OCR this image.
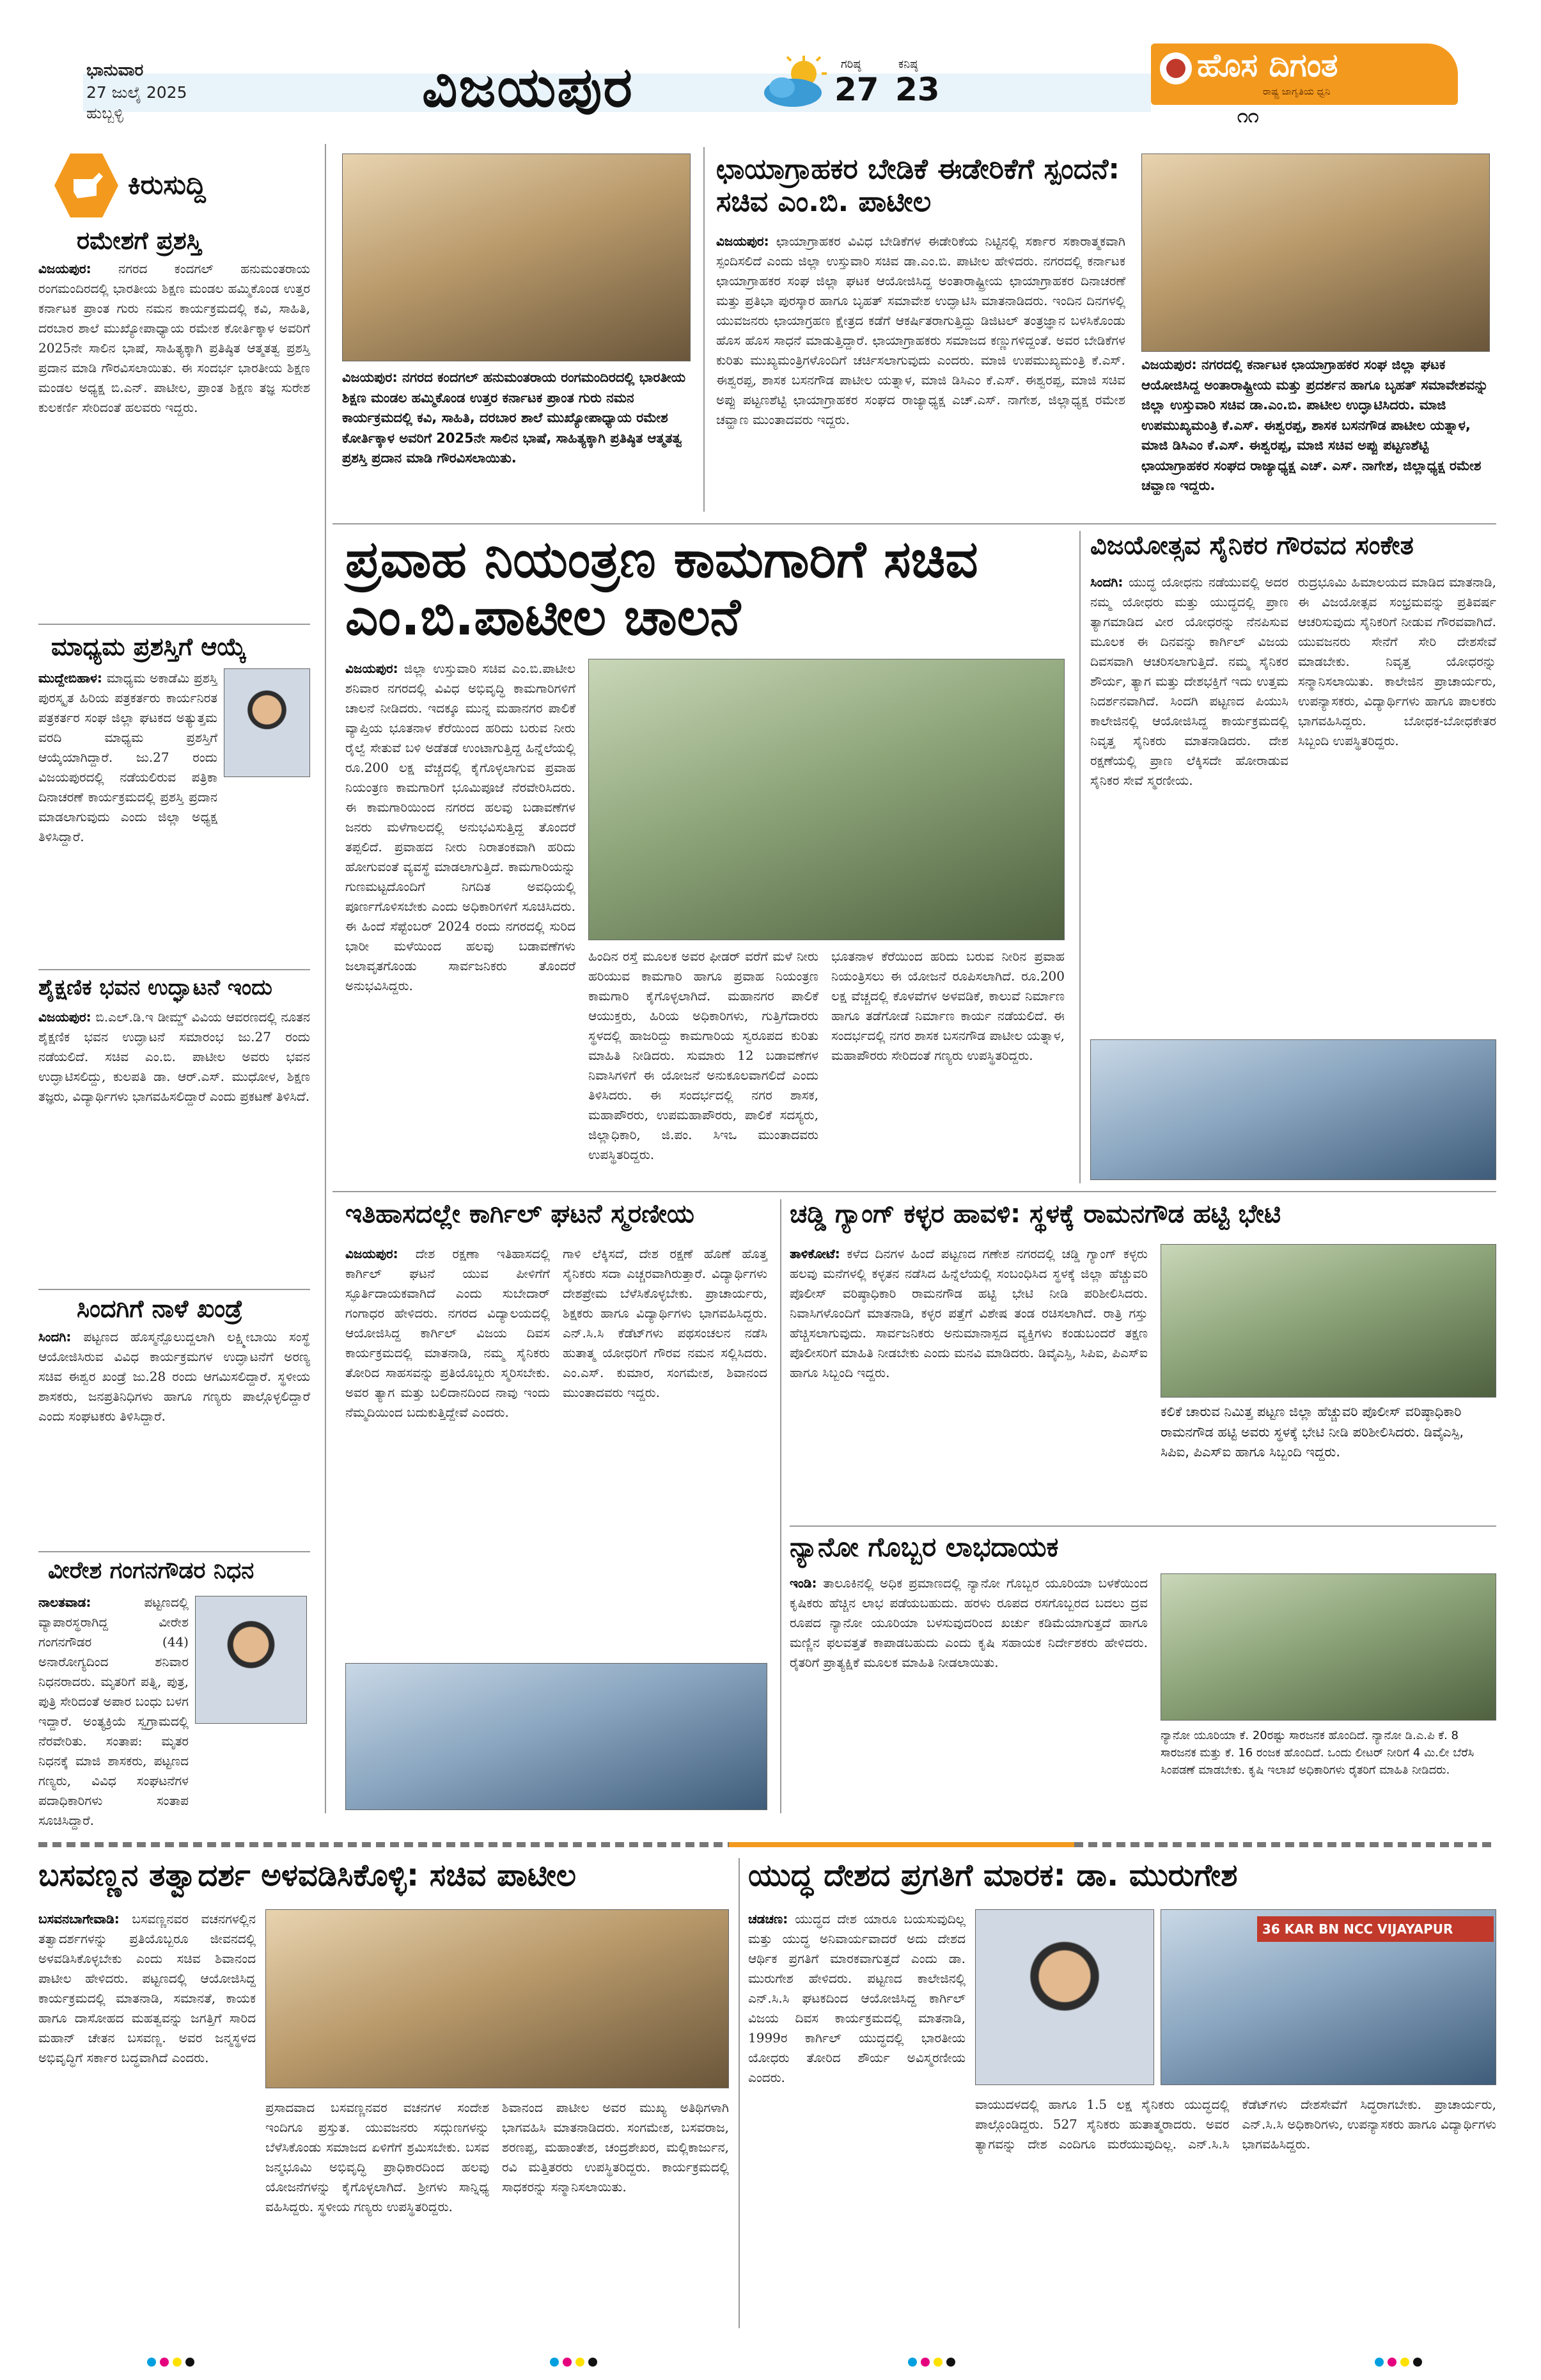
ಭಾನುವಾರ
27 ಜುಲೈ 2025
ಹುಬ್ಬಳ್ಳಿ	ವಿಜಯಪುರ	ಗರಿಷ್ಠ
27
ಕನಿಷ್ಠ
23
ಹೊಸ ದಿಗಂತ
ರಾಷ್ಟ್ರ ಜಾಗೃತಿಯ ಧ್ವನಿ
೧೧
ಕಿರುಸುದ್ದಿ
ರಮೇಶಗೆ ಪ್ರಶಸ್ತಿ
ವಿಜಯಪುರ: ನಗರದ ಕಂದಗಲ್ ಹನುಮಂತರಾಯ ರಂಗಮಂದಿರದಲ್ಲಿ ಭಾರತೀಯ ಶಿಕ್ಷಣ ಮಂಡಲ ಹಮ್ಮಿಕೊಂಡ ಉತ್ತರ ಕರ್ನಾಟಕ ಪ್ರಾಂತ ಗುರು ನಮನ ಕಾರ್ಯಕ್ರಮದಲ್ಲಿ ಕವಿ, ಸಾಹಿತಿ, ದರಬಾರ ಶಾಲೆ ಮುಖ್ಯೋಪಾಧ್ಯಾಯ ರಮೇಶ ಕೋರ್ತಿಕ್ಕಾಳ ಅವರಿಗೆ 2025ನೇ ಸಾಲಿನ ಭಾಷೆ, ಸಾಹಿತ್ಯಕ್ಕಾಗಿ ಪ್ರತಿಷ್ಠಿತ ಆತ್ಮತತ್ವ ಪ್ರಶಸ್ತಿ ಪ್ರದಾನ ಮಾಡಿ ಗೌರವಿಸಲಾಯಿತು. ಈ ಸಂದರ್ಭ ಭಾರತೀಯ ಶಿಕ್ಷಣ ಮಂಡಲ ಅಧ್ಯಕ್ಷ ಬಿ.ಎನ್. ಪಾಟೀಲ, ಪ್ರಾಂತ ಶಿಕ್ಷಣ ತಜ್ಞ ಸುರೇಶ ಕುಲಕರ್ಣಿ ಸೇರಿದಂತೆ ಹಲವರು ಇದ್ದರು.
ಮಾಧ್ಯಮ ಪ್ರಶಸ್ತಿಗೆ ಆಯ್ಕೆ
ಮುದ್ದೇಬಿಹಾಳ: ಮಾಧ್ಯಮ ಅಕಾಡೆಮಿ ಪ್ರಶಸ್ತಿ ಪುರಸ್ಕೃತ ಹಿರಿಯ ಪತ್ರಕರ್ತರು ಕಾರ್ಯನಿರತ ಪತ್ರಕರ್ತರ ಸಂಘ ಜಿಲ್ಲಾ ಘಟಕದ ಅತ್ಯುತ್ತಮ ವರದಿ ಮಾಧ್ಯಮ ಪ್ರಶಸ್ತಿಗೆ ಆಯ್ಕೆಯಾಗಿದ್ದಾರೆ. ಜು.27 ರಂದು ವಿಜಯಪುರದಲ್ಲಿ ನಡೆಯಲಿರುವ ಪತ್ರಿಕಾ ದಿನಾಚರಣೆ ಕಾರ್ಯಕ್ರಮದಲ್ಲಿ ಪ್ರಶಸ್ತಿ ಪ್ರದಾನ ಮಾಡಲಾಗುವುದು ಎಂದು ಜಿಲ್ಲಾ ಅಧ್ಯಕ್ಷ ತಿಳಿಸಿದ್ದಾರೆ.
ಶೈಕ್ಷಣಿಕ ಭವನ ಉದ್ಘಾಟನೆ ಇಂದು
ವಿಜಯಪುರ: ಬಿ.ಎಲ್.ಡಿ.ಇ ಡೀಮ್ಡ್ ವಿವಿಯ ಆವರಣದಲ್ಲಿ ನೂತನ ಶೈಕ್ಷಣಿಕ ಭವನ ಉದ್ಘಾಟನೆ ಸಮಾರಂಭ ಜು.27 ರಂದು ನಡೆಯಲಿದೆ. ಸಚಿವ ಎಂ.ಬಿ. ಪಾಟೀಲ ಅವರು ಭವನ ಉದ್ಘಾಟಿಸಲಿದ್ದು, ಕುಲಪತಿ ಡಾ. ಆರ್.ಎಸ್. ಮುಧೋಳ, ಶಿಕ್ಷಣ ತಜ್ಞರು, ವಿದ್ಯಾರ್ಥಿಗಳು ಭಾಗವಹಿಸಲಿದ್ದಾರೆ ಎಂದು ಪ್ರಕಟಣೆ ತಿಳಿಸಿದೆ.
ಸಿಂದಗಿಗೆ ನಾಳೆ ಖಂಡ್ರೆ
ಸಿಂದಗಿ: ಪಟ್ಟಣದ ಹೊಸ್ಮನ್ಪೊಲುದ್ದಲಾಗಿ ಲಕ್ಷ್ಮೀಬಾಯಿ ಸಂಸ್ಥೆ ಆಯೋಜಿಸಿರುವ ವಿವಿಧ ಕಾರ್ಯಕ್ರಮಗಳ ಉದ್ಘಾಟನೆಗೆ ಅರಣ್ಯ ಸಚಿವ ಈಶ್ವರ ಖಂಡ್ರೆ ಜು.28 ರಂದು ಆಗಮಿಸಲಿದ್ದಾರೆ. ಸ್ಥಳೀಯ ಶಾಸಕರು, ಜನಪ್ರತಿನಿಧಿಗಳು ಹಾಗೂ ಗಣ್ಯರು ಪಾಲ್ಗೊಳ್ಳಲಿದ್ದಾರೆ ಎಂದು ಸಂಘಟಕರು ತಿಳಿಸಿದ್ದಾರೆ.
ವೀರೇಶ ಗಂಗನಗೌಡರ ನಿಧನ
ನಾಲತವಾಡ:	ಪಟ್ಟಣದಲ್ಲಿ ವ್ಯಾಪಾರಸ್ಥರಾಗಿದ್ದ ವೀರೇಶ ಗಂಗನಗೌಡರ (44) ಅನಾರೋಗ್ಯದಿಂದ ಶನಿವಾರ ನಿಧನರಾದರು. ಮೃತರಿಗೆ ಪತ್ನಿ, ಪುತ್ರ, ಪುತ್ರಿ ಸೇರಿದಂತೆ ಅಪಾರ ಬಂಧು ಬಳಗ ಇದ್ದಾರೆ. ಅಂತ್ಯಕ್ರಿಯೆ ಸ್ವಗ್ರಾಮದಲ್ಲಿ ನೆರವೇರಿತು. ಸಂತಾಪ: ಮೃತರ ನಿಧನಕ್ಕೆ ಮಾಜಿ ಶಾಸಕರು, ಪಟ್ಟಣದ ಗಣ್ಯರು, ವಿವಿಧ ಸಂಘಟನೆಗಳ ಪದಾಧಿಕಾರಿಗಳು ಸಂತಾಪ ಸೂಚಿಸಿದ್ದಾರೆ.
ವಿಜಯಪುರ: ನಗರದ ಕಂದಗಲ್ ಹನುಮಂತರಾಯ ರಂಗಮಂದಿರದಲ್ಲಿ ಭಾರತೀಯ ಶಿಕ್ಷಣ ಮಂಡಲ ಹಮ್ಮಿಕೊಂಡ ಉತ್ತರ ಕರ್ನಾಟಕ ಪ್ರಾಂತ ಗುರು ನಮನ ಕಾರ್ಯಕ್ರಮದಲ್ಲಿ ಕವಿ, ಸಾಹಿತಿ, ದರಬಾರ ಶಾಲೆ ಮುಖ್ಯೋಪಾಧ್ಯಾಯ ರಮೇಶ ಕೋರ್ತಿಕ್ಕಾಳ ಅವರಿಗೆ 2025ನೇ ಸಾಲಿನ ಭಾಷೆ, ಸಾಹಿತ್ಯಕ್ಕಾಗಿ ಪ್ರತಿಷ್ಠಿತ ಆತ್ಮತತ್ವ ಪ್ರಶಸ್ತಿ ಪ್ರದಾನ ಮಾಡಿ ಗೌರವಿಸಲಾಯಿತು.
ಛಾಯಾಗ್ರಾಹಕರ ಬೇಡಿಕೆ ಈಡೇರಿಕೆಗೆ ಸ್ಪಂದನೆ: ಸಚಿವ ಎಂ.ಬಿ. ಪಾಟೀಲ
ವಿಜಯಪುರ: ಛಾಯಾಗ್ರಾಹಕರ ವಿವಿಧ ಬೇಡಿಕೆಗಳ ಈಡೇರಿಕೆಯ ನಿಟ್ಟಿನಲ್ಲಿ ಸರ್ಕಾರ ಸಕಾರಾತ್ಮಕವಾಗಿ ಸ್ಪಂದಿಸಲಿದೆ ಎಂದು ಜಿಲ್ಲಾ ಉಸ್ತುವಾರಿ ಸಚಿವ ಡಾ.ಎಂ.ಬಿ. ಪಾಟೀಲ ಹೇಳಿದರು. ನಗರದಲ್ಲಿ ಕರ್ನಾಟಕ ಛಾಯಾಗ್ರಾಹಕರ ಸಂಘ ಜಿಲ್ಲಾ ಘಟಕ ಆಯೋಜಿಸಿದ್ದ ಅಂತಾರಾಷ್ಟ್ರೀಯ ಛಾಯಾಗ್ರಾಹಕರ ದಿನಾಚರಣೆ ಮತ್ತು ಪ್ರತಿಭಾ ಪುರಸ್ಕಾರ ಹಾಗೂ ಬೃಹತ್ ಸಮಾವೇಶ ಉದ್ಘಾಟಿಸಿ ಮಾತನಾಡಿದರು. ಇಂದಿನ ದಿನಗಳಲ್ಲಿ ಯುವಜನರು ಛಾಯಾಗ್ರಹಣ ಕ್ಷೇತ್ರದ ಕಡೆಗೆ ಆಕರ್ಷಿತರಾಗುತ್ತಿದ್ದು ಡಿಜಿಟಲ್ ತಂತ್ರಜ್ಞಾನ ಬಳಸಿಕೊಂಡು ಹೊಸ ಹೊಸ ಸಾಧನೆ ಮಾಡುತ್ತಿದ್ದಾರೆ. ಛಾಯಾಗ್ರಾಹಕರು ಸಮಾಜದ ಕಣ್ಣುಗಳಿದ್ದಂತೆ. ಅವರ ಬೇಡಿಕೆಗಳ ಕುರಿತು ಮುಖ್ಯಮಂತ್ರಿಗಳೊಂದಿಗೆ ಚರ್ಚಿಸಲಾಗುವುದು ಎಂದರು. ಮಾಜಿ ಉಪಮುಖ್ಯಮಂತ್ರಿ ಕೆ.ಎಸ್. ಈಶ್ವರಪ್ಪ, ಶಾಸಕ ಬಸನಗೌಡ ಪಾಟೀಲ ಯತ್ನಾಳ, ಮಾಜಿ ಡಿಸಿಎಂ ಕೆ.ಎಸ್. ಈಶ್ವರಪ್ಪ, ಮಾಜಿ ಸಚಿವ ಅಪ್ಪು ಪಟ್ಟಣಶೆಟ್ಟಿ ಛಾಯಾಗ್ರಾಹಕರ ಸಂಘದ ರಾಜ್ಯಾಧ್ಯಕ್ಷ ಎಚ್.ಎಸ್. ನಾಗೇಶ, ಜಿಲ್ಲಾಧ್ಯಕ್ಷ ರಮೇಶ ಚವ್ಹಾಣ ಮುಂತಾದವರು ಇದ್ದರು.
ವಿಜಯಪುರ: ನಗರದಲ್ಲಿ ಕರ್ನಾಟಕ ಛಾಯಾಗ್ರಾಹಕರ ಸಂಘ ಜಿಲ್ಲಾ ಘಟಕ ಆಯೋಜಿಸಿದ್ದ ಅಂತಾರಾಷ್ಟ್ರೀಯ ಮತ್ತು ಪ್ರದರ್ಶನ ಹಾಗೂ ಬೃಹತ್ ಸಮಾವೇಶವನ್ನು ಜಿಲ್ಲಾ ಉಸ್ತುವಾರಿ ಸಚಿವ ಡಾ.ಎಂ.ಬಿ. ಪಾಟೀಲ ಉದ್ಘಾಟಿಸಿದರು. ಮಾಜಿ ಉಪಮುಖ್ಯಮಂತ್ರಿ ಕೆ.ಎಸ್. ಈಶ್ವರಪ್ಪ, ಶಾಸಕ ಬಸನಗೌಡ ಪಾಟೀಲ ಯತ್ನಾಳ, ಮಾಜಿ ಡಿಸಿಎಂ ಕೆ.ಎಸ್. ಈಶ್ವರಪ್ಪ, ಮಾಜಿ ಸಚಿವ ಅಪ್ಪು ಪಟ್ಟಣಶೆಟ್ಟಿ ಛಾಯಾಗ್ರಾಹಕರ ಸಂಘದ ರಾಜ್ಯಾಧ್ಯಕ್ಷ ಎಚ್. ಎಸ್. ನಾಗೇಶ, ಜಿಲ್ಲಾಧ್ಯಕ್ಷ ರಮೇಶ ಚವ್ಹಾಣ ಇದ್ದರು.
ಪ್ರವಾಹ ನಿಯಂತ್ರಣ ಕಾಮಗಾರಿಗೆ ಸಚಿವ ಎಂ.ಬಿ.ಪಾಟೀಲ ಚಾಲನೆ
ವಿಜಯಪುರ: ಜಿಲ್ಲಾ ಉಸ್ತುವಾರಿ ಸಚಿವ ಎಂ.ಬಿ.ಪಾಟೀಲ ಶನಿವಾರ ನಗರದಲ್ಲಿ ವಿವಿಧ ಅಭಿವೃದ್ಧಿ ಕಾಮಗಾರಿಗಳಿಗೆ ಚಾಲನೆ ನೀಡಿದರು. ಇದಕ್ಕೂ ಮುನ್ನ ಮಹಾನಗರ ಪಾಲಿಕೆ ವ್ಯಾಪ್ತಿಯ ಭೂತನಾಳ ಕೆರೆಯಿಂದ ಹರಿದು ಬರುವ ನೀರು ರೈಲ್ವೆ ಸೇತುವೆ ಬಳಿ ಅಡೆತಡೆ ಉಂಟಾಗುತ್ತಿದ್ದ ಹಿನ್ನೆಲೆಯಲ್ಲಿ ರೂ.200 ಲಕ್ಷ ವೆಚ್ಚದಲ್ಲಿ ಕೈಗೊಳ್ಳಲಾಗುವ ಪ್ರವಾಹ ನಿಯಂತ್ರಣ ಕಾಮಗಾರಿಗೆ ಭೂಮಿಪೂಜೆ ನೆರವೇರಿಸಿದರು. ಈ ಕಾಮಗಾರಿಯಿಂದ ನಗರದ ಹಲವು ಬಡಾವಣೆಗಳ ಜನರು ಮಳೆಗಾಲದಲ್ಲಿ ಅನುಭವಿಸುತ್ತಿದ್ದ ತೊಂದರೆ ತಪ್ಪಲಿದೆ. ಪ್ರವಾಹದ ನೀರು ನಿರಾತಂಕವಾಗಿ ಹರಿದು ಹೋಗುವಂತೆ ವ್ಯವಸ್ಥೆ ಮಾಡಲಾಗುತ್ತಿದೆ. ಕಾಮಗಾರಿಯನ್ನು ಗುಣಮಟ್ಟದೊಂದಿಗೆ ನಿಗದಿತ ಅವಧಿಯಲ್ಲಿ ಪೂರ್ಣಗೊಳಿಸಬೇಕು ಎಂದು ಅಧಿಕಾರಿಗಳಿಗೆ ಸೂಚಿಸಿದರು. ಈ ಹಿಂದೆ ಸೆಪ್ಟೆಂಬರ್ 2024 ರಂದು ನಗರದಲ್ಲಿ ಸುರಿದ ಭಾರೀ ಮಳೆಯಿಂದ ಹಲವು ಬಡಾವಣೆಗಳು ಜಲಾವೃತಗೊಂಡು ಸಾರ್ವಜನಿಕರು ತೊಂದರೆ ಅನುಭವಿಸಿದ್ದರು.
ಹಿಂದಿನ ರಸ್ತೆ ಮೂಲಕ ಅವರ ಫೀಡರ್ ವರೆಗೆ ಮಳೆ ನೀರು ಹರಿಯುವ ಕಾಮಗಾರಿ ಹಾಗೂ ಪ್ರವಾಹ ನಿಯಂತ್ರಣ ಕಾಮಗಾರಿ ಕೈಗೊಳ್ಳಲಾಗಿದೆ. ಮಹಾನಗರ ಪಾಲಿಕೆ ಆಯುಕ್ತರು, ಹಿರಿಯ ಅಧಿಕಾರಿಗಳು, ಗುತ್ತಿಗೆದಾರರು ಸ್ಥಳದಲ್ಲಿ ಹಾಜರಿದ್ದು ಕಾಮಗಾರಿಯ ಸ್ವರೂಪದ ಕುರಿತು ಮಾಹಿತಿ ನೀಡಿದರು. ಸುಮಾರು 12 ಬಡಾವಣೆಗಳ ನಿವಾಸಿಗಳಿಗೆ ಈ ಯೋಜನೆ ಅನುಕೂಲವಾಗಲಿದೆ ಎಂದು ತಿಳಿಸಿದರು. ಈ ಸಂದರ್ಭದಲ್ಲಿ ನಗರ ಶಾಸಕ, ಮಹಾಪೌರರು, ಉಪಮಹಾಪೌರರು, ಪಾಲಿಕೆ ಸದಸ್ಯರು, ಜಿಲ್ಲಾಧಿಕಾರಿ, ಜಿ.ಪಂ. ಸಿಇಒ ಮುಂತಾದವರು ಉಪಸ್ಥಿತರಿದ್ದರು.
ಭೂತನಾಳ ಕೆರೆಯಿಂದ ಹರಿದು ಬರುವ ನೀರಿನ ಪ್ರವಾಹ ನಿಯಂತ್ರಿಸಲು ಈ ಯೋಜನೆ ರೂಪಿಸಲಾಗಿದೆ. ರೂ.200 ಲಕ್ಷ ವೆಚ್ಚದಲ್ಲಿ ಕೊಳವೆಗಳ ಅಳವಡಿಕೆ, ಕಾಲುವೆ ನಿರ್ಮಾಣ ಹಾಗೂ ತಡೆಗೋಡೆ ನಿರ್ಮಾಣ ಕಾರ್ಯ ನಡೆಯಲಿದೆ. ಈ ಸಂದರ್ಭದಲ್ಲಿ ನಗರ ಶಾಸಕ ಬಸನಗೌಡ ಪಾಟೀಲ ಯತ್ನಾಳ, ಮಹಾಪೌರರು ಸೇರಿದಂತೆ ಗಣ್ಯರು ಉಪಸ್ಥಿತರಿದ್ದರು.
ವಿಜಯೋತ್ಸವ ಸೈನಿಕರ ಗೌರವದ ಸಂಕೇತ
ಸಿಂದಗಿ: ಯುದ್ಧ ಯೋಧನು ನಡೆಯುವಲ್ಲಿ ಅದರ ನಮ್ಮ ಯೋಧರು ಮತ್ತು ಯುದ್ಧದಲ್ಲಿ ಪ್ರಾಣ ತ್ಯಾಗಮಾಡಿದ ವೀರ ಯೋಧರನ್ನು ನೆನಪಿಸುವ ಮೂಲಕ ಈ ದಿನವನ್ನು ಕಾರ್ಗಿಲ್ ವಿಜಯ ದಿವಸವಾಗಿ ಆಚರಿಸಲಾಗುತ್ತಿದೆ. ನಮ್ಮ ಸೈನಿಕರ ಶೌರ್ಯ, ತ್ಯಾಗ ಮತ್ತು ದೇಶಭಕ್ತಿಗೆ ಇದು ಉತ್ತಮ ನಿದರ್ಶನವಾಗಿದೆ. ಸಿಂದಗಿ ಪಟ್ಟಣದ ಪಿಯುಸಿ ಕಾಲೇಜಿನಲ್ಲಿ ಆಯೋಜಿಸಿದ್ದ ಕಾರ್ಯಕ್ರಮದಲ್ಲಿ ನಿವೃತ್ತ ಸೈನಿಕರು ಮಾತನಾಡಿದರು. ದೇಶ ರಕ್ಷಣೆಯಲ್ಲಿ ಪ್ರಾಣ ಲೆಕ್ಕಿಸದೇ ಹೋರಾಡುವ ಸೈನಿಕರ ಸೇವೆ ಸ್ಮರಣೀಯ.
ರುದ್ರಭೂಮಿ ಹಿಮಾಲಯದ ಮಾಡಿದ ಮಾತನಾಡಿ, ಈ ವಿಜಯೋತ್ಸವ ಸಂಭ್ರಮವನ್ನು ಪ್ರತಿವರ್ಷ ಆಚರಿಸುವುದು ಸೈನಿಕರಿಗೆ ನೀಡುವ ಗೌರವವಾಗಿದೆ. ಯುವಜನರು ಸೇನೆಗೆ ಸೇರಿ ದೇಶಸೇವೆ ಮಾಡಬೇಕು. ನಿವೃತ್ತ ಯೋಧರನ್ನು ಸನ್ಮಾನಿಸಲಾಯಿತು. ಕಾಲೇಜಿನ ಪ್ರಾಚಾರ್ಯರು, ಉಪನ್ಯಾಸಕರು, ವಿದ್ಯಾರ್ಥಿಗಳು ಹಾಗೂ ಪಾಲಕರು ಭಾಗವಹಿಸಿದ್ದರು. ಬೋಧಕ-ಬೋಧಕೇತರ ಸಿಬ್ಬಂದಿ ಉಪಸ್ಥಿತರಿದ್ದರು.
ಇತಿಹಾಸದಲ್ಲೇ ಕಾರ್ಗಿಲ್ ಘಟನೆ ಸ್ಮರಣೀಯ
ವಿಜಯಪುರ: ದೇಶ ರಕ್ಷಣಾ ಇತಿಹಾಸದಲ್ಲಿ ಕಾರ್ಗಿಲ್ ಘಟನೆ ಯುವ ಪೀಳಿಗೆಗೆ ಸ್ಫೂರ್ತಿದಾಯಕವಾಗಿದೆ ಎಂದು ಸುಬೇದಾರ್ ಗಂಗಾಧರ ಹೇಳಿದರು. ನಗರದ ವಿದ್ಯಾಲಯದಲ್ಲಿ ಆಯೋಜಿಸಿದ್ದ ಕಾರ್ಗಿಲ್ ವಿಜಯ ದಿವಸ ಕಾರ್ಯಕ್ರಮದಲ್ಲಿ ಮಾತನಾಡಿ, ನಮ್ಮ ಸೈನಿಕರು ತೋರಿದ ಸಾಹಸವನ್ನು ಪ್ರತಿಯೊಬ್ಬರು ಸ್ಮರಿಸಬೇಕು. ಅವರ ತ್ಯಾಗ ಮತ್ತು ಬಲಿದಾನದಿಂದ ನಾವು ಇಂದು ನೆಮ್ಮದಿಯಿಂದ ಬದುಕುತ್ತಿದ್ದೇವೆ ಎಂದರು.
ಗಾಳಿ ಲೆಕ್ಕಿಸದೆ, ದೇಶ ರಕ್ಷಣೆ ಹೊಣೆ ಹೊತ್ತ ಸೈನಿಕರು ಸದಾ ಎಚ್ಚರವಾಗಿರುತ್ತಾರೆ. ವಿದ್ಯಾರ್ಥಿಗಳು ದೇಶಪ್ರೇಮ ಬೆಳೆಸಿಕೊಳ್ಳಬೇಕು. ಪ್ರಾಚಾರ್ಯರು, ಶಿಕ್ಷಕರು ಹಾಗೂ ವಿದ್ಯಾರ್ಥಿಗಳು ಭಾಗವಹಿಸಿದ್ದರು. ಎನ್.ಸಿ.ಸಿ ಕೆಡೆಟ್‌ಗಳು ಪಥಸಂಚಲನ ನಡೆಸಿ ಹುತಾತ್ಮ ಯೋಧರಿಗೆ ಗೌರವ ನಮನ ಸಲ್ಲಿಸಿದರು. ಎಂ.ಎಸ್. ಕುಮಾರ, ಸಂಗಮೇಶ, ಶಿವಾನಂದ ಮುಂತಾದವರು ಇದ್ದರು.
ಚಡ್ಡಿ ಗ್ಯಾಂಗ್ ಕಳ್ಳರ ಹಾವಳಿ: ಸ್ಥಳಕ್ಕೆ ರಾಮನಗೌಡ ಹಟ್ಟಿ ಭೇಟಿ
ತಾಳಿಕೋಟೆ: ಕಳೆದ ದಿನಗಳ ಹಿಂದೆ ಪಟ್ಟಣದ ಗಣೇಶ ನಗರದಲ್ಲಿ ಚಡ್ಡಿ ಗ್ಯಾಂಗ್ ಕಳ್ಳರು ಹಲವು ಮನೆಗಳಲ್ಲಿ ಕಳ್ಳತನ ನಡೆಸಿದ ಹಿನ್ನೆಲೆಯಲ್ಲಿ ಸಂಬಂಧಿಸಿದ ಸ್ಥಳಕ್ಕೆ ಜಿಲ್ಲಾ ಹೆಚ್ಚುವರಿ ಪೊಲೀಸ್ ವರಿಷ್ಠಾಧಿಕಾರಿ ರಾಮನಗೌಡ ಹಟ್ಟಿ ಭೇಟಿ ನೀಡಿ ಪರಿಶೀಲಿಸಿದರು. ನಿವಾಸಿಗಳೊಂದಿಗೆ ಮಾತನಾಡಿ, ಕಳ್ಳರ ಪತ್ತೆಗೆ ವಿಶೇಷ ತಂಡ ರಚಿಸಲಾಗಿದೆ. ರಾತ್ರಿ ಗಸ್ತು ಹೆಚ್ಚಿಸಲಾಗುವುದು. ಸಾರ್ವಜನಿಕರು ಅನುಮಾನಾಸ್ಪದ ವ್ಯಕ್ತಿಗಳು ಕಂಡುಬಂದರೆ ತಕ್ಷಣ ಪೊಲೀಸರಿಗೆ ಮಾಹಿತಿ ನೀಡಬೇಕು ಎಂದು ಮನವಿ ಮಾಡಿದರು. ಡಿವೈಎಸ್ಪಿ, ಸಿಪಿಐ, ಪಿಎಸ್ಐ ಹಾಗೂ ಸಿಬ್ಬಂದಿ ಇದ್ದರು.
ಕಲಿಕೆ ಚಾರುವ ನಿಮಿತ್ತ ಪಟ್ಟಣ ಜಿಲ್ಲಾ ಹೆಚ್ಚುವರಿ ಪೊಲೀಸ್ ವರಿಷ್ಠಾಧಿಕಾರಿ ರಾಮನಗೌಡ ಹಟ್ಟಿ ಅವರು ಸ್ಥಳಕ್ಕೆ ಭೇಟಿ ನೀಡಿ ಪರಿಶೀಲಿಸಿದರು. ಡಿವೈಎಸ್ಪಿ, ಸಿಪಿಐ, ಪಿಎಸ್ಐ ಹಾಗೂ ಸಿಬ್ಬಂದಿ ಇದ್ದರು.
ನ್ಯಾನೋ ಗೊಬ್ಬರ ಲಾಭದಾಯಕ
ಇಂಡಿ: ತಾಲೂಕಿನಲ್ಲಿ ಅಧಿಕ ಪ್ರಮಾಣದಲ್ಲಿ ನ್ಯಾನೋ ಗೊಬ್ಬರ ಯೂರಿಯಾ ಬಳಕೆಯಿಂದ ಕೃಷಿಕರು ಹೆಚ್ಚಿನ ಲಾಭ ಪಡೆಯಬಹುದು. ಹರಳು ರೂಪದ ರಸಗೊಬ್ಬರದ ಬದಲು ದ್ರವ ರೂಪದ ನ್ಯಾನೋ ಯೂರಿಯಾ ಬಳಸುವುದರಿಂದ ಖರ್ಚು ಕಡಿಮೆಯಾಗುತ್ತದೆ ಹಾಗೂ ಮಣ್ಣಿನ ಫಲವತ್ತತೆ ಕಾಪಾಡಬಹುದು ಎಂದು ಕೃಷಿ ಸಹಾಯಕ ನಿರ್ದೇಶಕರು ಹೇಳಿದರು. ರೈತರಿಗೆ ಪ್ರಾತ್ಯಕ್ಷಿಕೆ ಮೂಲಕ ಮಾಹಿತಿ ನೀಡಲಾಯಿತು.
ನ್ಯಾನೋ ಯೂರಿಯಾ ಕೆ. 20ರಷ್ಟು ಸಾರಜನಕ ಹೊಂದಿದೆ. ನ್ಯಾನೋ ಡಿ.ಎ.ಪಿ ಕೆ. 8 ಸಾರಜನಕ ಮತ್ತು ಕೆ. 16 ರಂಜಕ ಹೊಂದಿದೆ. ಒಂದು ಲೀಟರ್ ನೀರಿಗೆ 4 ಮಿ.ಲೀ ಬೆರೆಸಿ ಸಿಂಪಡಣೆ ಮಾಡಬೇಕು. ಕೃಷಿ ಇಲಾಖೆ ಅಧಿಕಾರಿಗಳು ರೈತರಿಗೆ ಮಾಹಿತಿ ನೀಡಿದರು.
ಬಸವಣ್ಣನ ತತ್ವಾದರ್ಶ ಅಳವಡಿಸಿಕೊಳ್ಳಿ: ಸಚಿವ ಪಾಟೀಲ
ಬಸವನಬಾಗೇವಾಡಿ: ಬಸವಣ್ಣನವರ ವಚನಗಳಲ್ಲಿನ ತತ್ವಾದರ್ಶಗಳನ್ನು ಪ್ರತಿಯೊಬ್ಬರೂ ಜೀವನದಲ್ಲಿ ಅಳವಡಿಸಿಕೊಳ್ಳಬೇಕು ಎಂದು ಸಚಿವ ಶಿವಾನಂದ ಪಾಟೀಲ ಹೇಳಿದರು. ಪಟ್ಟಣದಲ್ಲಿ ಆಯೋಜಿಸಿದ್ದ ಕಾರ್ಯಕ್ರಮದಲ್ಲಿ ಮಾತನಾಡಿ, ಸಮಾನತೆ, ಕಾಯಕ ಹಾಗೂ ದಾಸೋಹದ ಮಹತ್ವವನ್ನು ಜಗತ್ತಿಗೆ ಸಾರಿದ ಮಹಾನ್ ಚೇತನ ಬಸವಣ್ಣ. ಅವರ ಜನ್ಮಸ್ಥಳದ ಅಭಿವೃದ್ಧಿಗೆ ಸರ್ಕಾರ ಬದ್ಧವಾಗಿದೆ ಎಂದರು.
ಪ್ರಸಾದವಾದ ಬಸವಣ್ಣನವರ ವಚನಗಳ ಸಂದೇಶ ಇಂದಿಗೂ ಪ್ರಸ್ತುತ. ಯುವಜನರು ಸದ್ಗುಣಗಳನ್ನು ಬೆಳೆಸಿಕೊಂಡು ಸಮಾಜದ ಏಳಿಗೆಗೆ ಶ್ರಮಿಸಬೇಕು. ಬಸವ ಜನ್ಮಭೂಮಿ ಅಭಿವೃದ್ಧಿ ಪ್ರಾಧಿಕಾರದಿಂದ ಹಲವು ಯೋಜನೆಗಳನ್ನು ಕೈಗೊಳ್ಳಲಾಗಿದೆ. ಶ್ರೀಗಳು ಸಾನ್ನಿಧ್ಯ ವಹಿಸಿದ್ದರು. ಸ್ಥಳೀಯ ಗಣ್ಯರು ಉಪಸ್ಥಿತರಿದ್ದರು.
ಶಿವಾನಂದ ಪಾಟೀಲ ಅವರ ಮುಖ್ಯ ಅತಿಥಿಗಳಾಗಿ ಭಾಗವಹಿಸಿ ಮಾತನಾಡಿದರು. ಸಂಗಮೇಶ, ಬಸವರಾಜ, ಶರಣಪ್ಪ, ಮಹಾಂತೇಶ, ಚಂದ್ರಶೇಖರ, ಮಲ್ಲಿಕಾರ್ಜುನ, ರವಿ ಮತ್ತಿತರರು ಉಪಸ್ಥಿತರಿದ್ದರು. ಕಾರ್ಯಕ್ರಮದಲ್ಲಿ ಸಾಧಕರನ್ನು ಸನ್ಮಾನಿಸಲಾಯಿತು.
ಯುದ್ಧ ದೇಶದ ಪ್ರಗತಿಗೆ ಮಾರಕ: ಡಾ. ಮುರುಗೇಶ
ಚಡಚಣ: ಯುದ್ಧದ ದೇಶ ಯಾರೂ ಬಯಸುವುದಿಲ್ಲ ಮತ್ತು ಯುದ್ಧ ಅನಿವಾರ್ಯವಾದರೆ ಅದು ದೇಶದ ಆರ್ಥಿಕ ಪ್ರಗತಿಗೆ ಮಾರಕವಾಗುತ್ತದೆ ಎಂದು ಡಾ. ಮುರುಗೇಶ ಹೇಳಿದರು. ಪಟ್ಟಣದ ಕಾಲೇಜಿನಲ್ಲಿ ಎನ್.ಸಿ.ಸಿ ಘಟಕದಿಂದ ಆಯೋಜಿಸಿದ್ದ ಕಾರ್ಗಿಲ್ ವಿಜಯ ದಿವಸ ಕಾರ್ಯಕ್ರಮದಲ್ಲಿ ಮಾತನಾಡಿ, 1999ರ ಕಾರ್ಗಿಲ್ ಯುದ್ಧದಲ್ಲಿ ಭಾರತೀಯ ಯೋಧರು ತೋರಿದ ಶೌರ್ಯ ಅವಿಸ್ಮರಣೀಯ ಎಂದರು.
36 KAR BN NCC VIJAYAPUR
ವಾಯುದಳದಲ್ಲಿ ಹಾಗೂ 1.5 ಲಕ್ಷ ಸೈನಿಕರು ಯುದ್ಧದಲ್ಲಿ ಪಾಲ್ಗೊಂಡಿದ್ದರು. 527 ಸೈನಿಕರು ಹುತಾತ್ಮರಾದರು. ಅವರ ತ್ಯಾಗವನ್ನು ದೇಶ ಎಂದಿಗೂ ಮರೆಯುವುದಿಲ್ಲ. ಎನ್.ಸಿ.ಸಿ ಕೆಡೆಟ್‌ಗಳು ದೇಶಸೇವೆಗೆ ಸಿದ್ಧರಾಗಬೇಕು. ಪ್ರಾಚಾರ್ಯರು, ಎನ್.ಸಿ.ಸಿ ಅಧಿಕಾರಿಗಳು, ಉಪನ್ಯಾಸಕರು ಹಾಗೂ ವಿದ್ಯಾರ್ಥಿಗಳು ಭಾಗವಹಿಸಿದ್ದರು.
